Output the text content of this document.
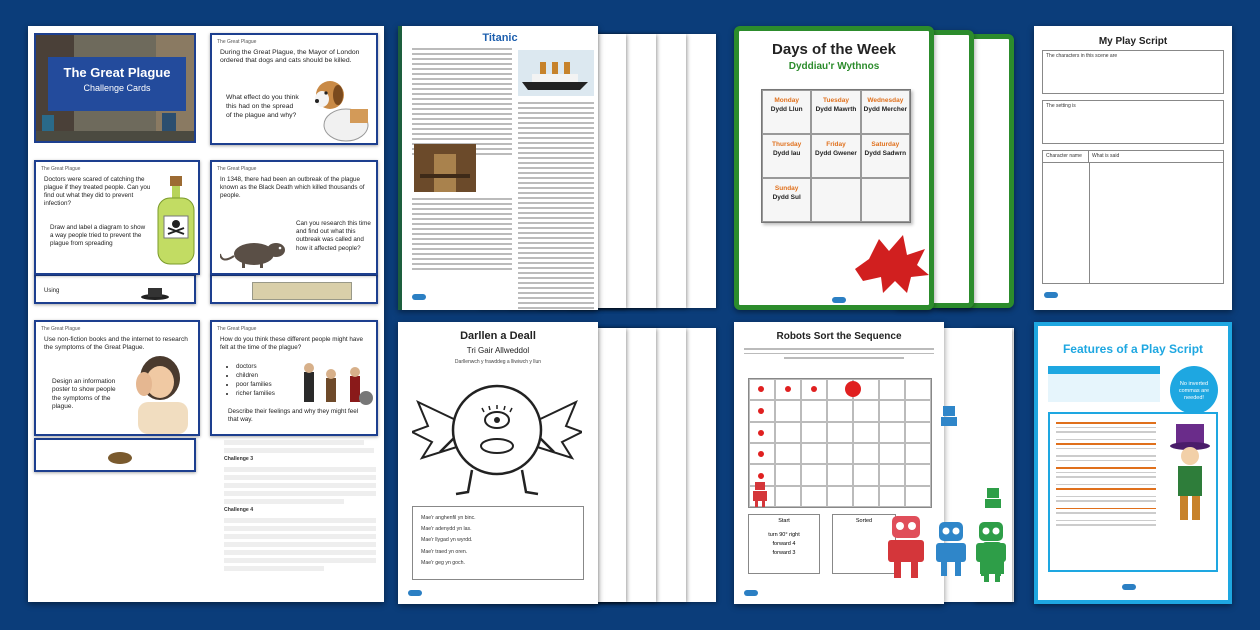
Challenge 3
Challenge 4
Using
The Great Plague
Challenge Cards
The Great Plague
During the Great Plague, the Mayor of London ordered that dogs and cats should be killed.
What effect do you think this had on the spread of the plague and why?
The Great Plague
Doctors were scared of catching the plague if they treated people. Can you find out what they did to prevent infection?
Draw and label a diagram to show a way people tried to prevent the plague from spreading
The Great Plague
In 1348, there had been an outbreak of the plague known as the Black Death which killed thousands of people.
Can you research this time and find out what this outbreak was called and how it affected people?
The Great Plague
Use non-fiction books and the internet to research the symptoms of the Great Plague.
Design an information poster to show people the symptoms of the plague.
The Great Plague
How do you think these different people might have felt at the time of the plague?
• doctors
• children
• poor families
• richer families
Describe their feelings and why they might feel that way.
Titanic
Days of the Week
Dyddiau'r Wythnos
Monday
Dydd Llun
Tuesday
Dydd Mawrth
Wednesday
Dydd Mercher
Thursday
Dydd Iau
Friday
Dydd Gwener
Saturday
Dydd Sadwrn
Sunday
Dydd Sul
My Play Script
The characters in this scene are
The setting is
Character name	What is said
Darllen a Deall
Tri Gair Allweddol
Darllenwch y frawddeg a lliwiwch y llun
Mae'r anghenfil yn binc.
Mae'r adenydd yn las.
Mae'r llygad yn wyrdd.
Mae'r traed yn oren.
Mae'r geg yn goch.
Robots Sort the Sequence
Start
turn 90° right
forward 4
forward 3
Sorted
Features of a Play Script
No inverted commas are needed!
